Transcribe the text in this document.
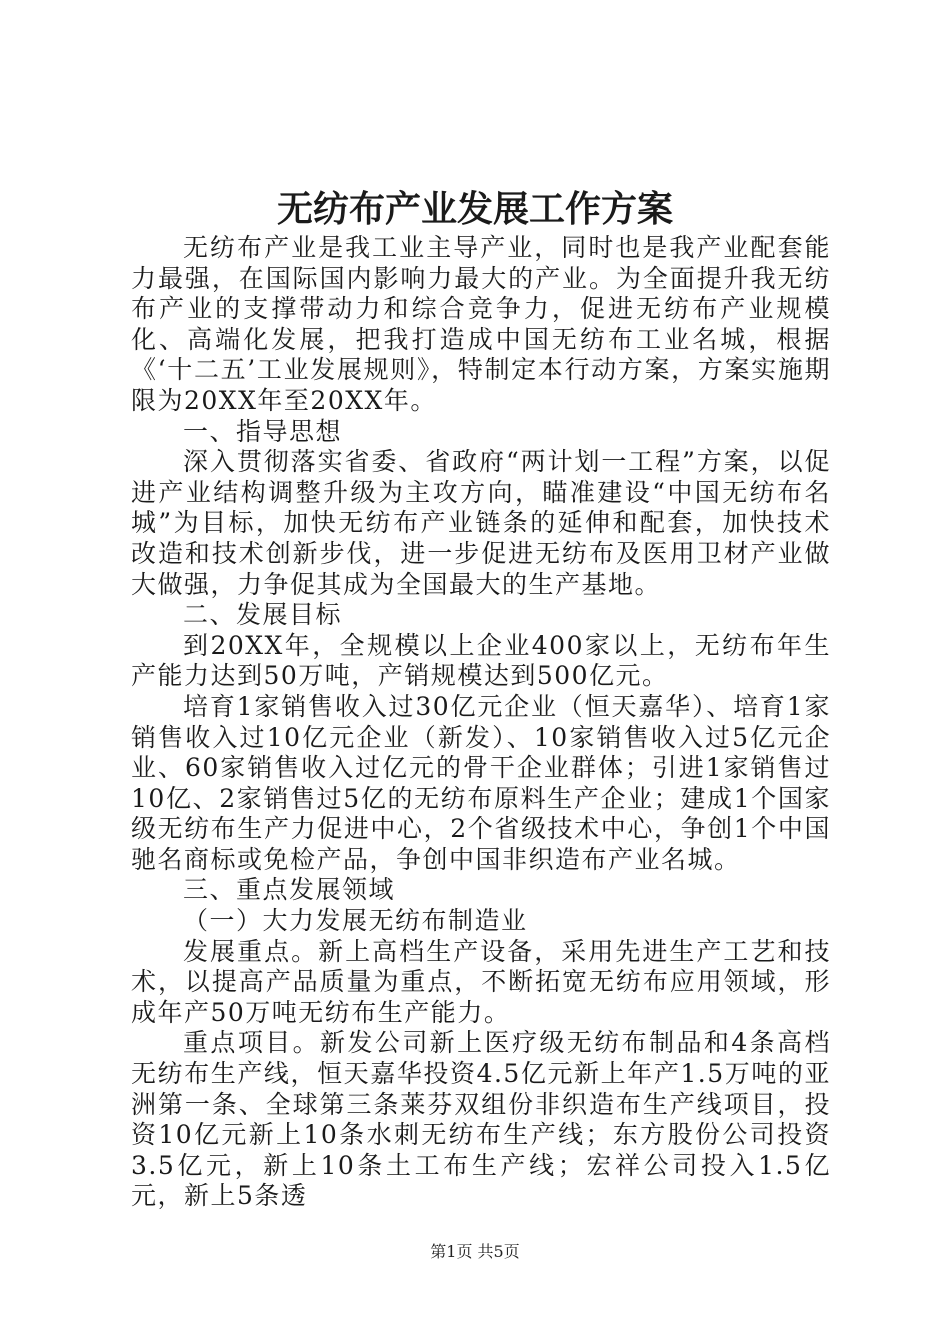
无纺布产业发展工作方案

无纺布产业是我工业主导产业，同时也是我产业配套能力最强，在国际国内影响力最大的产业。为全面提升我无纺布产业的支撑带动力和综合竞争力，促进无纺布产业规模化、高端化发展，把我打造成中国无纺布工业名城，根据《‘十二五’工业发展规则》，特制定本行动方案，方案实施期限为20XX年至20XX年。

一、指导思想

深入贯彻落实省委、省政府“两计划一工程”方案，以促进产业结构调整升级为主攻方向，瞄准建设“中国无纺布名城”为目标，加快无纺布产业链条的延伸和配套，加快技术改造和技术创新步伐，进一步促进无纺布及医用卫材产业做大做强，力争促其成为全国最大的生产基地。

二、发展目标

到20XX年，全规模以上企业400家以上，无纺布年生产能力达到50万吨，产销规模达到500亿元。

培育1家销售收入过30亿元企业（恒天嘉华）、培育1家销售收入过10亿元企业（新发）、10家销售收入过5亿元企业、60家销售收入过亿元的骨干企业群体；引进1家销售过10亿、2家销售过5亿的无纺布原料生产企业；建成1个国家级无纺布生产力促进中心，2个省级技术中心，争创1个中国驰名商标或免检产品，争创中国非织造布产业名城。

三、重点发展领域

（一）大力发展无纺布制造业

发展重点。新上高档生产设备，采用先进生产工艺和技术，以提高产品质量为重点，不断拓宽无纺布应用领域，形成年产50万吨无纺布生产能力。

重点项目。新发公司新上医疗级无纺布制品和4条高档无纺布生产线，恒天嘉华投资4.5亿元新上年产1.5万吨的亚洲第一条、全球第三条莱芬双组份非织造布生产线项目，投资10亿元新上10条水刺无纺布生产线；东方股份公司投资3.5亿元，新上10条土工布生产线；宏祥公司投入1.5亿元，新上5条透

第1页 共5页
